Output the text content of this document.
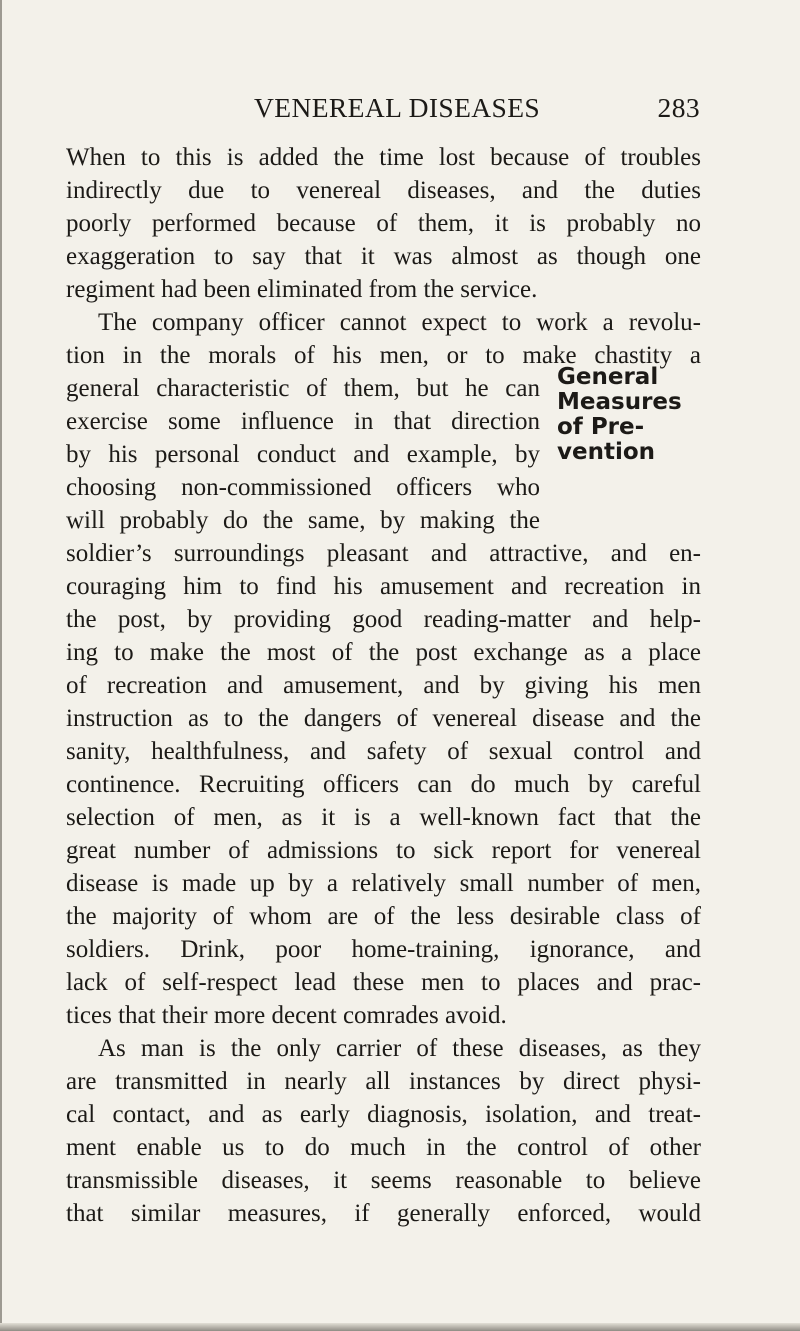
VENEREAL DISEASES	283
General
Measures
of Pre-
vention
When to this is added the time lost because of troubles
indirectly due to venereal diseases, and the duties
poorly performed because of them, it is probably no
exaggeration to say that it was almost as though one
regiment had been eliminated from the service.
The company officer cannot expect to work a revolu-
tion in the morals of his men, or to make chastity a
general characteristic of them, but he can
exercise some influence in that direction
by his personal conduct and example, by
choosing non-commissioned officers who
will probably do the same, by making the
soldier’s surroundings pleasant and attractive, and en-
couraging him to find his amusement and recreation in
the post, by providing good reading-matter and help-
ing to make the most of the post exchange as a place
of recreation and amusement, and by giving his men
instruction as to the dangers of venereal disease and the
sanity, healthfulness, and safety of sexual control and
continence. Recruiting officers can do much by careful
selection of men, as it is a well-known fact that the
great number of admissions to sick report for venereal
disease is made up by a relatively small number of men,
the majority of whom are of the less desirable class of
soldiers. Drink, poor home-training, ignorance, and
lack of self-respect lead these men to places and prac-
tices that their more decent comrades avoid.
As man is the only carrier of these diseases, as they
are transmitted in nearly all instances by direct physi-
cal contact, and as early diagnosis, isolation, and treat-
ment enable us to do much in the control of other
transmissible diseases, it seems reasonable to believe
that similar measures, if generally enforced, would
